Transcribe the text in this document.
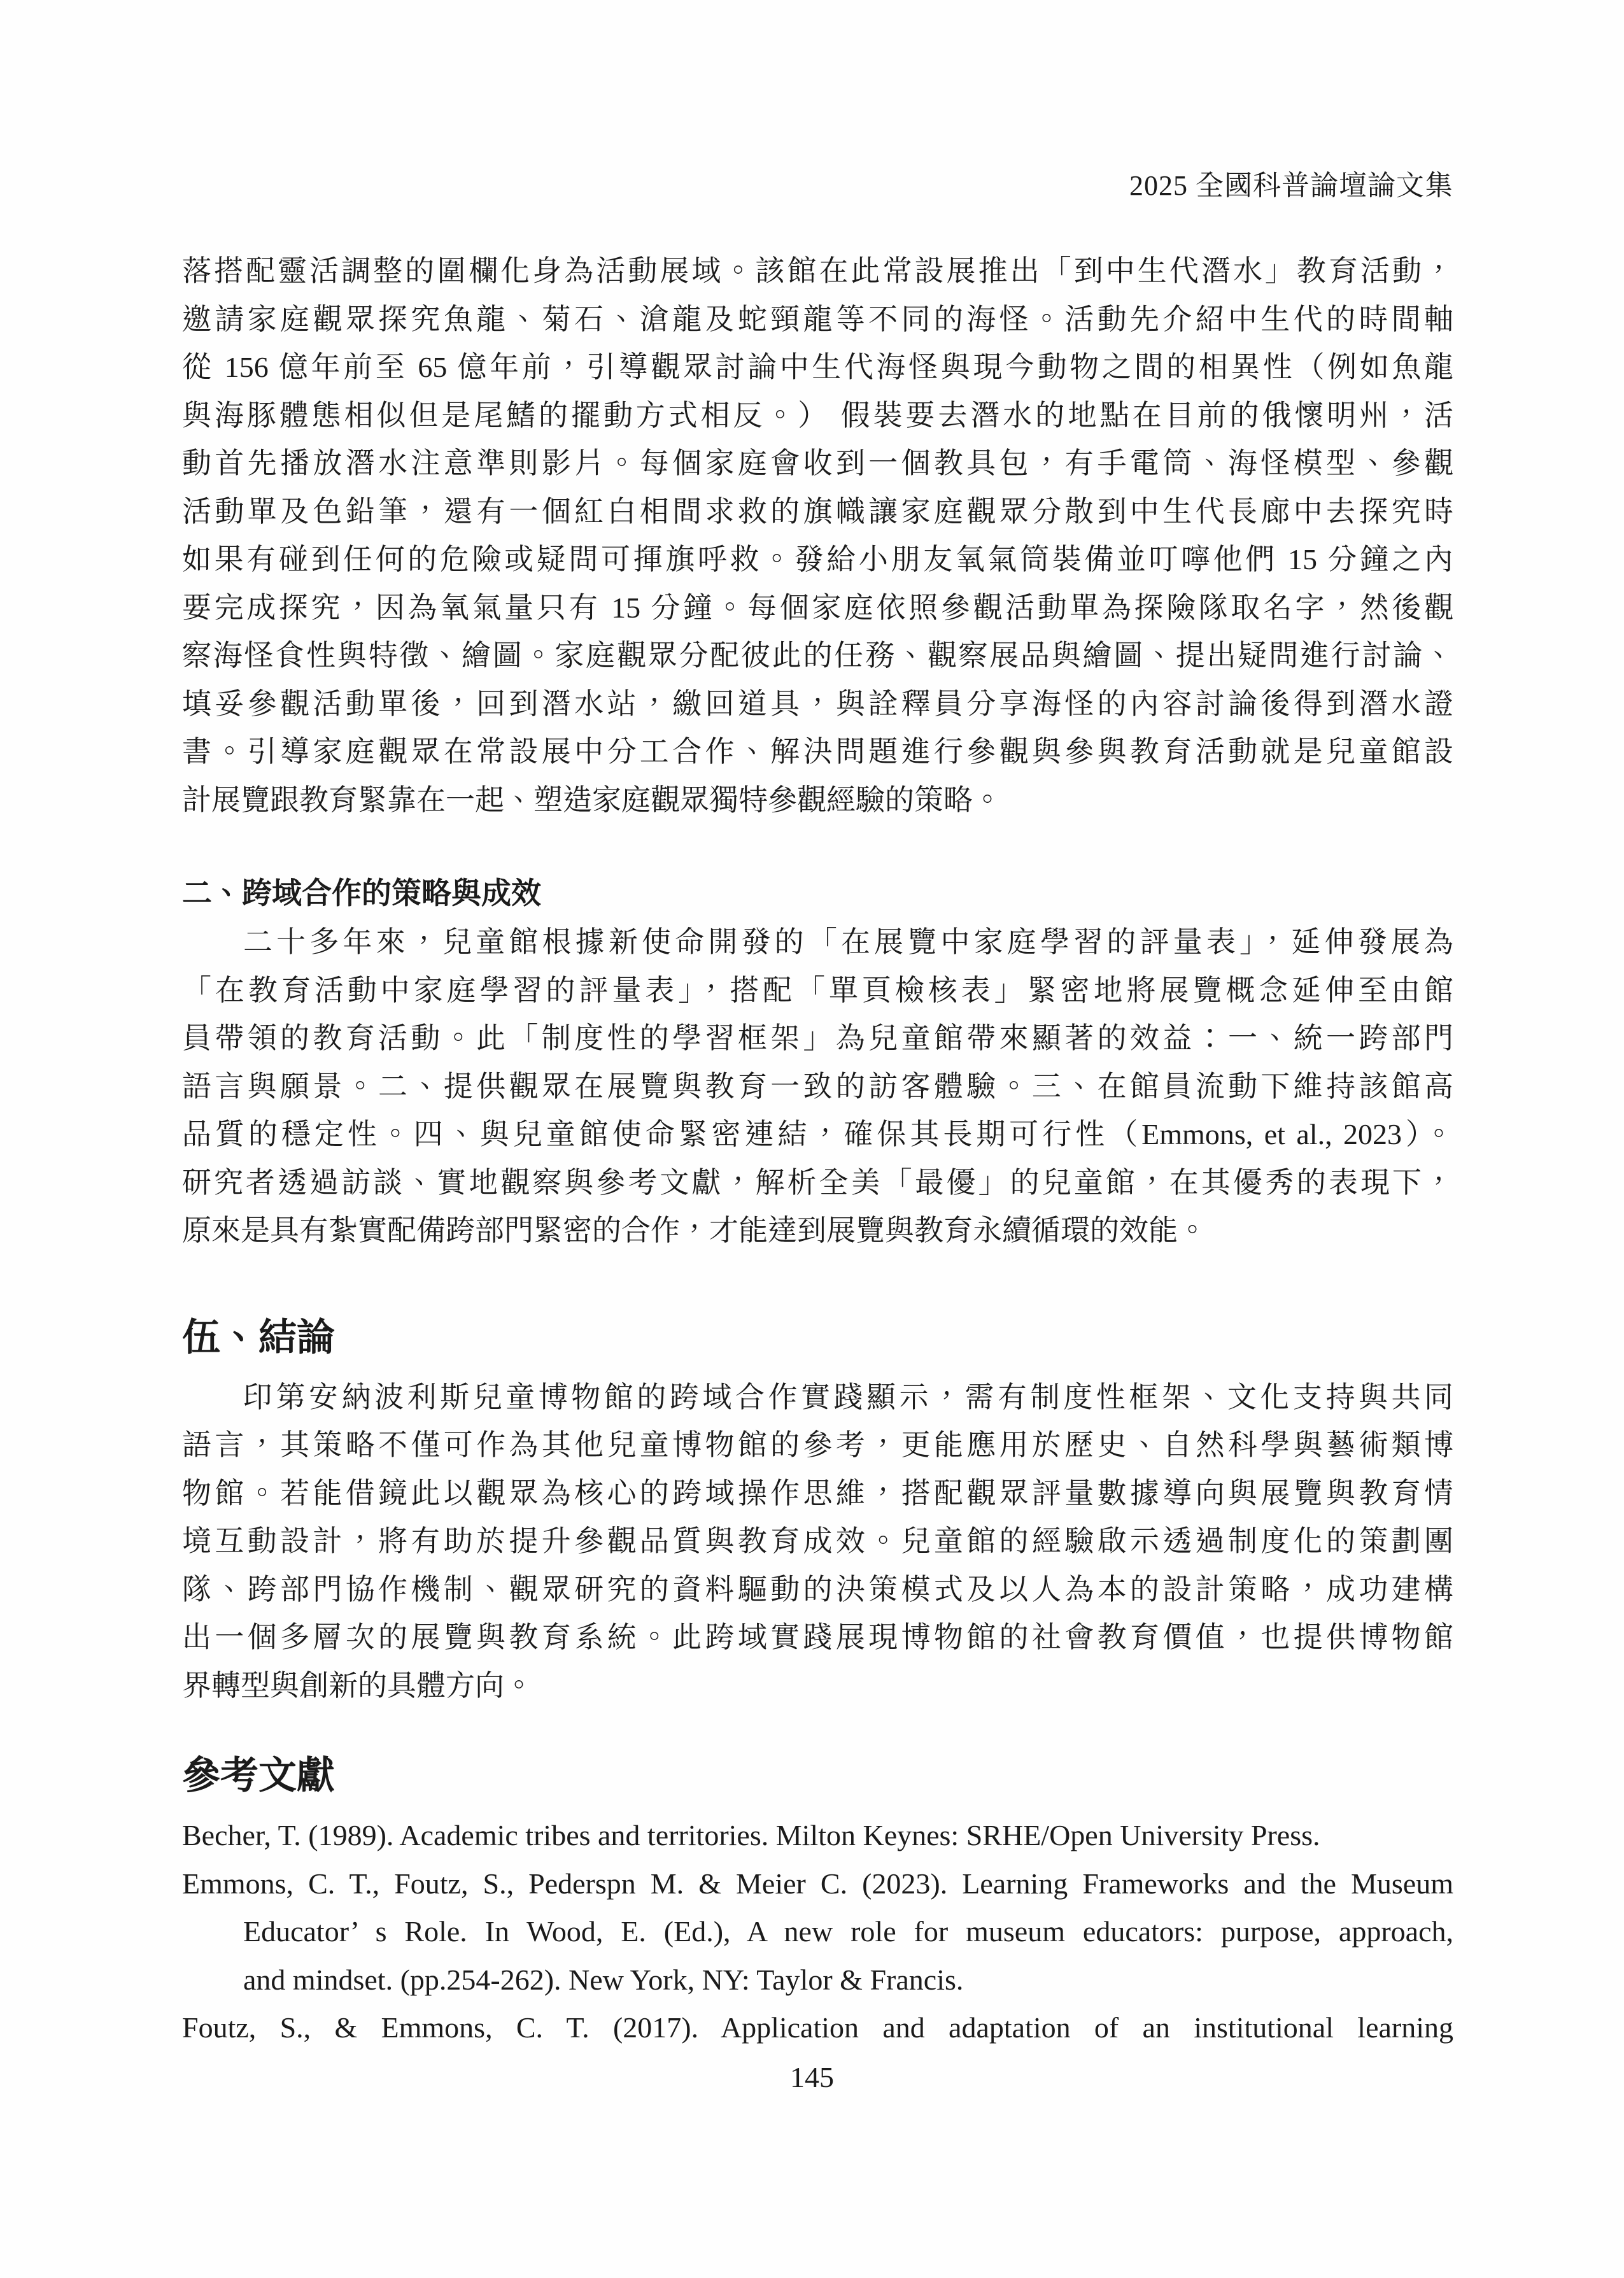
2025 全國科普論壇論文集
落搭配靈活調整的圍欄化身為活動展域。該館在此常設展推出「到中生代潛水」教育活動，
邀請家庭觀眾探究魚龍、菊石、滄龍及蛇頸龍等不同的海怪。活動先介紹中生代的時間軸
從 156 億年前至 65 億年前，引導觀眾討論中生代海怪與現今動物之間的相異性（例如魚龍
與海豚體態相似但是尾鰭的擺動方式相反。） 假裝要去潛水的地點在目前的俄懷明州，活
動首先播放潛水注意準則影片。每個家庭會收到一個教具包，有手電筒、海怪模型、參觀
活動單及色鉛筆，還有一個紅白相間求救的旗幟讓家庭觀眾分散到中生代長廊中去探究時
如果有碰到任何的危險或疑問可揮旗呼救。發給小朋友氧氣筒裝備並叮嚀他們 15 分鐘之內
要完成探究，因為氧氣量只有 15 分鐘。每個家庭依照參觀活動單為探險隊取名字，然後觀
察海怪食性與特徵、繪圖。家庭觀眾分配彼此的任務、觀察展品與繪圖、提出疑問進行討論、
填妥參觀活動單後，回到潛水站，繳回道具，與詮釋員分享海怪的內容討論後得到潛水證
書。引導家庭觀眾在常設展中分工合作、解決問題進行參觀與參與教育活動就是兒童館設
計展覽跟教育緊靠在一起、塑造家庭觀眾獨特參觀經驗的策略。
二、跨域合作的策略與成效
二十多年來，兒童館根據新使命開發的「在展覽中家庭學習的評量表」，延伸發展為
「在教育活動中家庭學習的評量表」，搭配「單頁檢核表」緊密地將展覽概念延伸至由館
員帶領的教育活動。此「制度性的學習框架」為兒童館帶來顯著的效益：一、統一跨部門
語言與願景。二、提供觀眾在展覽與教育一致的訪客體驗。三、在館員流動下維持該館高
品質的穩定性。四、與兒童館使命緊密連結，確保其長期可行性（Emmons, et al., 2023）。
研究者透過訪談、實地觀察與參考文獻，解析全美「最優」的兒童館，在其優秀的表現下，
原來是具有紮實配備跨部門緊密的合作，才能達到展覽與教育永續循環的效能。
伍、結論
印第安納波利斯兒童博物館的跨域合作實踐顯示，需有制度性框架、文化支持與共同
語言，其策略不僅可作為其他兒童博物館的參考，更能應用於歷史、自然科學與藝術類博
物館。若能借鏡此以觀眾為核心的跨域操作思維，搭配觀眾評量數據導向與展覽與教育情
境互動設計，將有助於提升參觀品質與教育成效。兒童館的經驗啟示透過制度化的策劃團
隊、跨部門協作機制、觀眾研究的資料驅動的決策模式及以人為本的設計策略，成功建構
出一個多層次的展覽與教育系統。此跨域實踐展現博物館的社會教育價值，也提供博物館
界轉型與創新的具體方向。
參考文獻
Becher, T. (1989). Academic tribes and territories. Milton Keynes: SRHE/Open University Press.
Emmons, C. T., Foutz, S., Pederspn M. & Meier C. (2023). Learning Frameworks and the Museum
Educator’ s Role. In Wood, E. (Ed.), A new role for museum educators: purpose, approach,
and mindset. (pp.254-262). New York, NY: Taylor & Francis.
Foutz, S., & Emmons, C. T. (2017). Application and adaptation of an institutional learning
145
